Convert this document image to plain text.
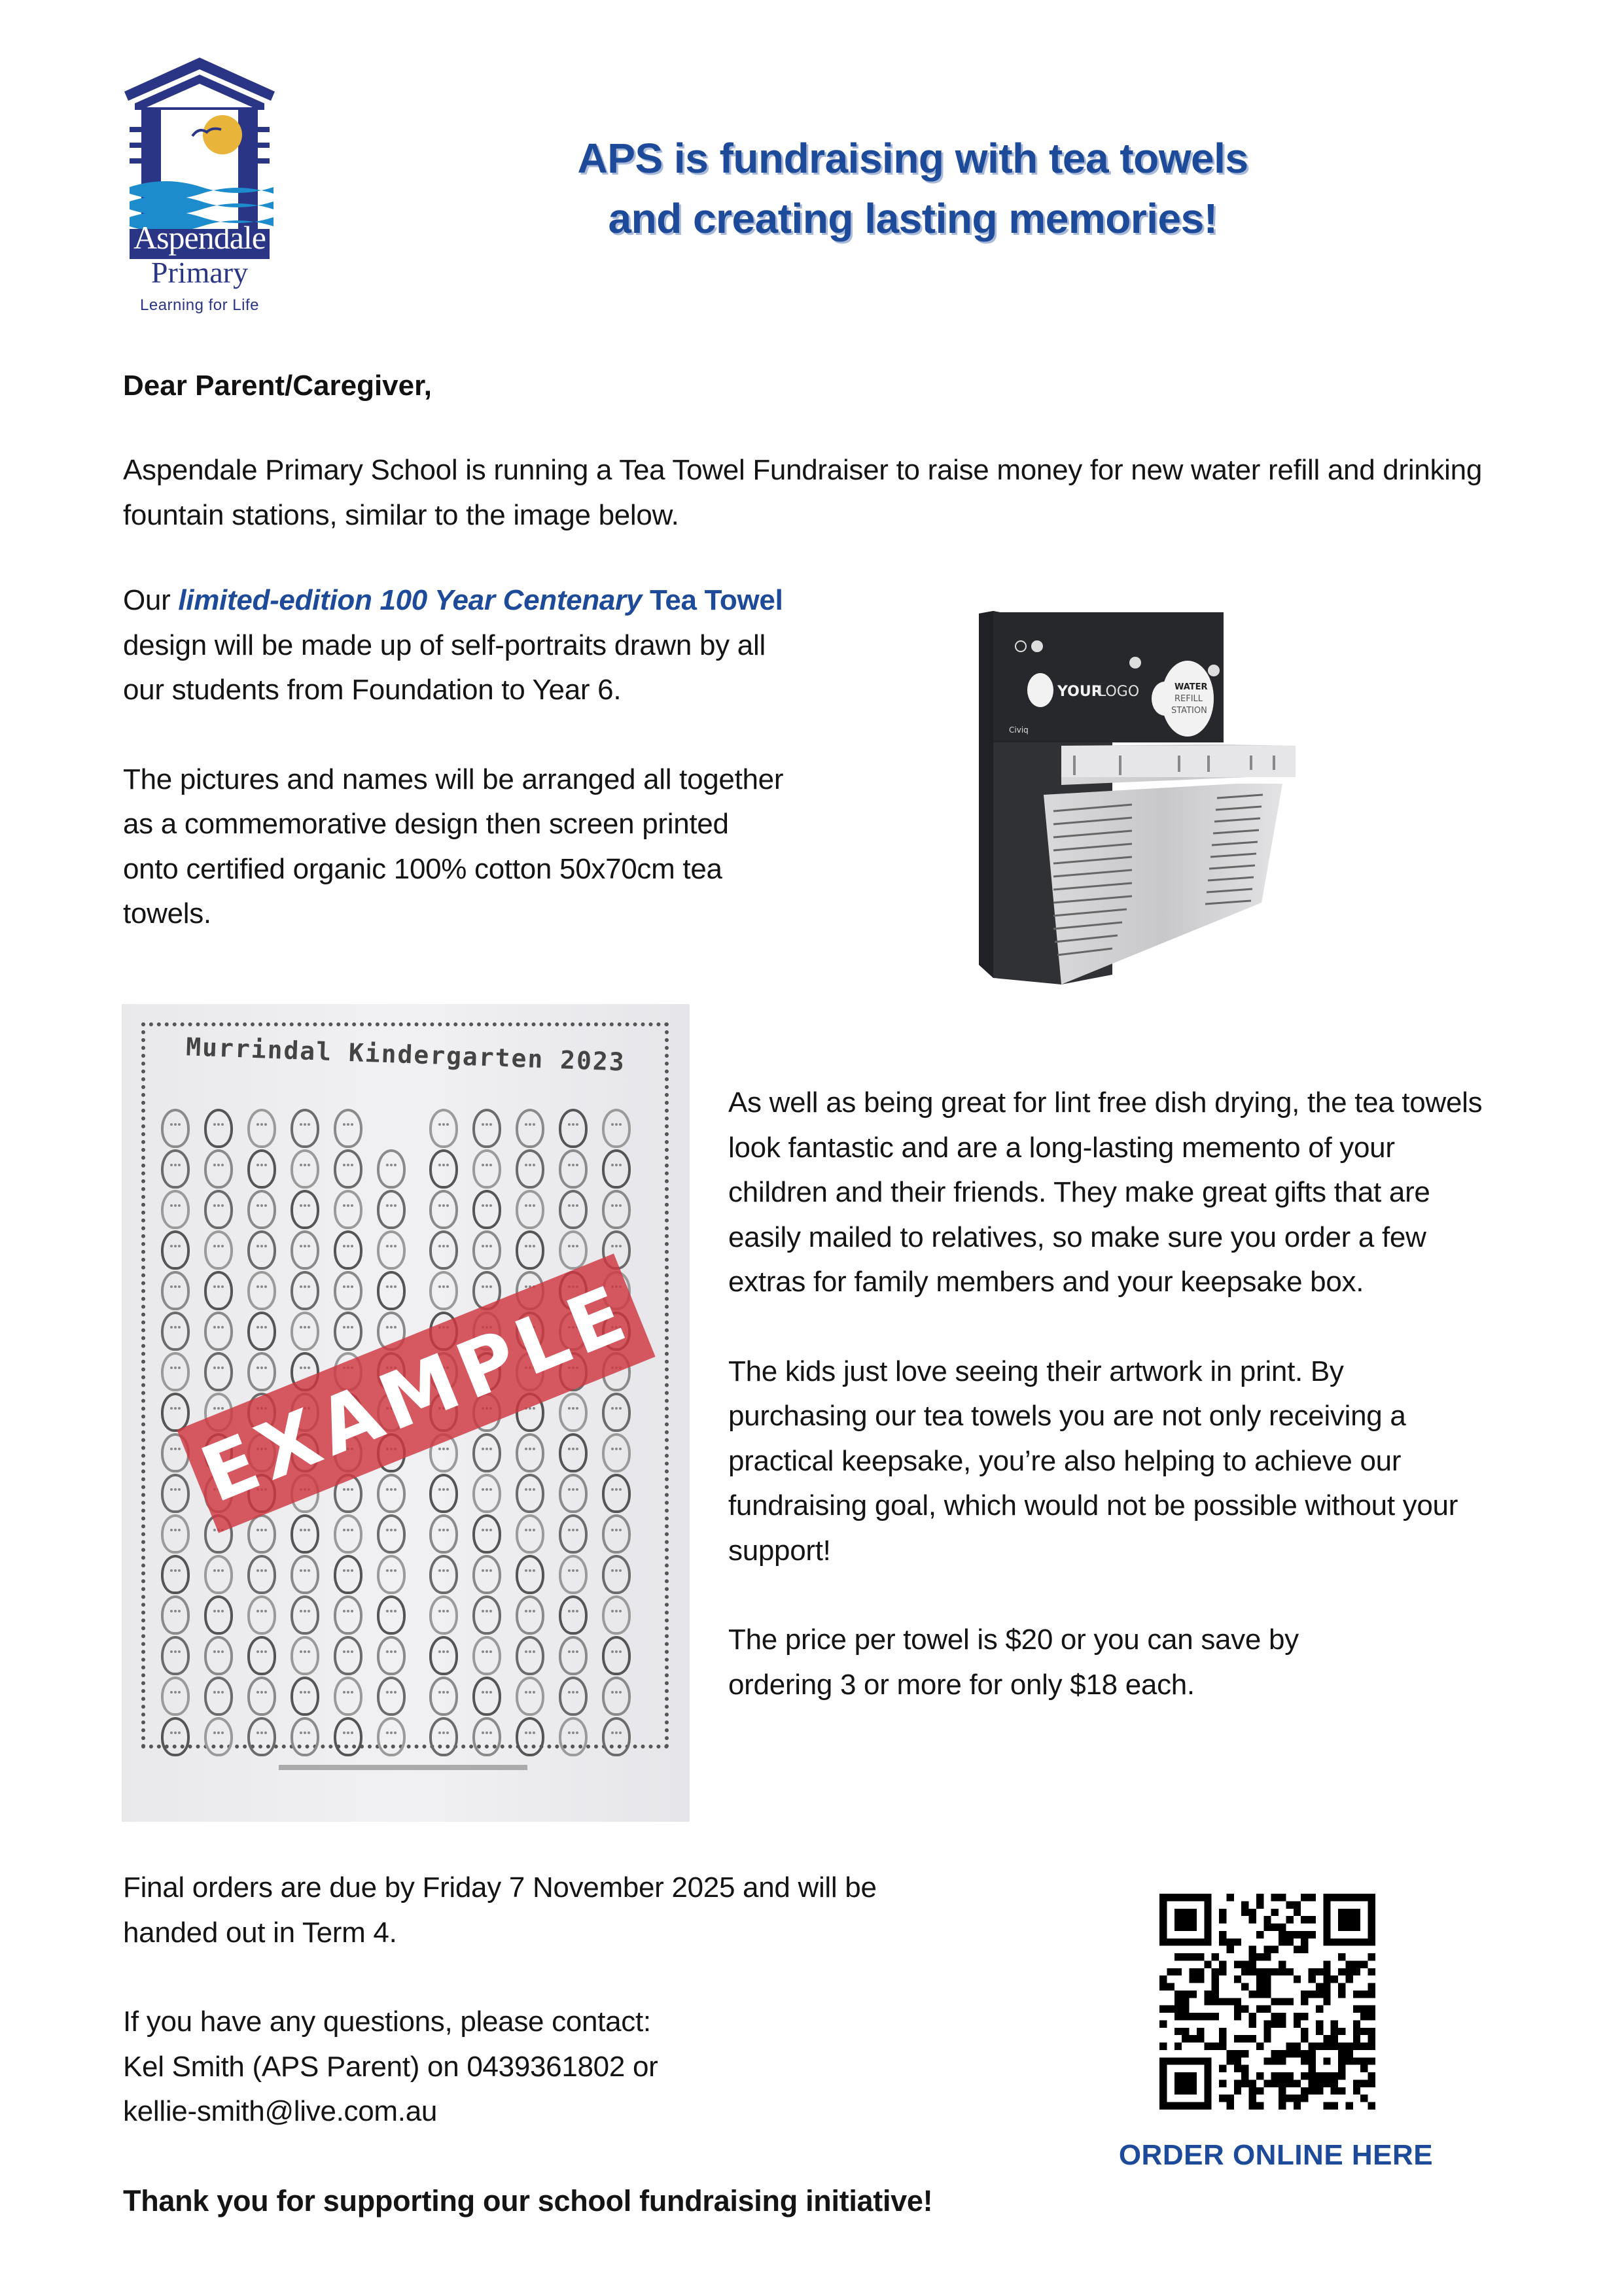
Aspendale
Primary
Learning for Life
APS is fundraising with tea towels
and creating lasting memories!
Dear Parent/Caregiver,
Aspendale Primary School is running a Tea Towel Fundraiser to raise money for new water refill and drinking fountain stations, similar to the image below.

Our limited-edition 100 Year Centenary Tea Towel
design will be made up of self-portraits drawn by all our students from Foundation to Year 6.

The pictures and names will be arranged all together as a commemorative design then screen printed onto certified organic 100% cotton 50x70cm tea towels.

YOUR
LOGO	WATER
REFILL
STATION
Civiq
Murrindal Kindergarten 2023
EXAMPLE

As well as being great for lint free dish drying, the tea towels look fantastic and are a long-lasting memento of your children and their friends. They make great gifts that are easily mailed to relatives, so make sure you order a few extras for family members and your keepsake box.

The kids just love seeing their artwork in print. By purchasing our tea towels you are not only receiving a practical keepsake, you’re also helping to achieve our fundraising goal, which would not be possible without your support!

The price per towel is $20 or you can save by ordering 3 or more for only $18 each.

Final orders are due by Friday 7 November 2025 and will be handed out in Term 4.

If you have any questions, please contact:

Kel Smith (APS Parent) on 0439361802 or

kellie-smith@live.com.au

Thank you for supporting our school fundraising initiative!

ORDER ONLINE HERE
